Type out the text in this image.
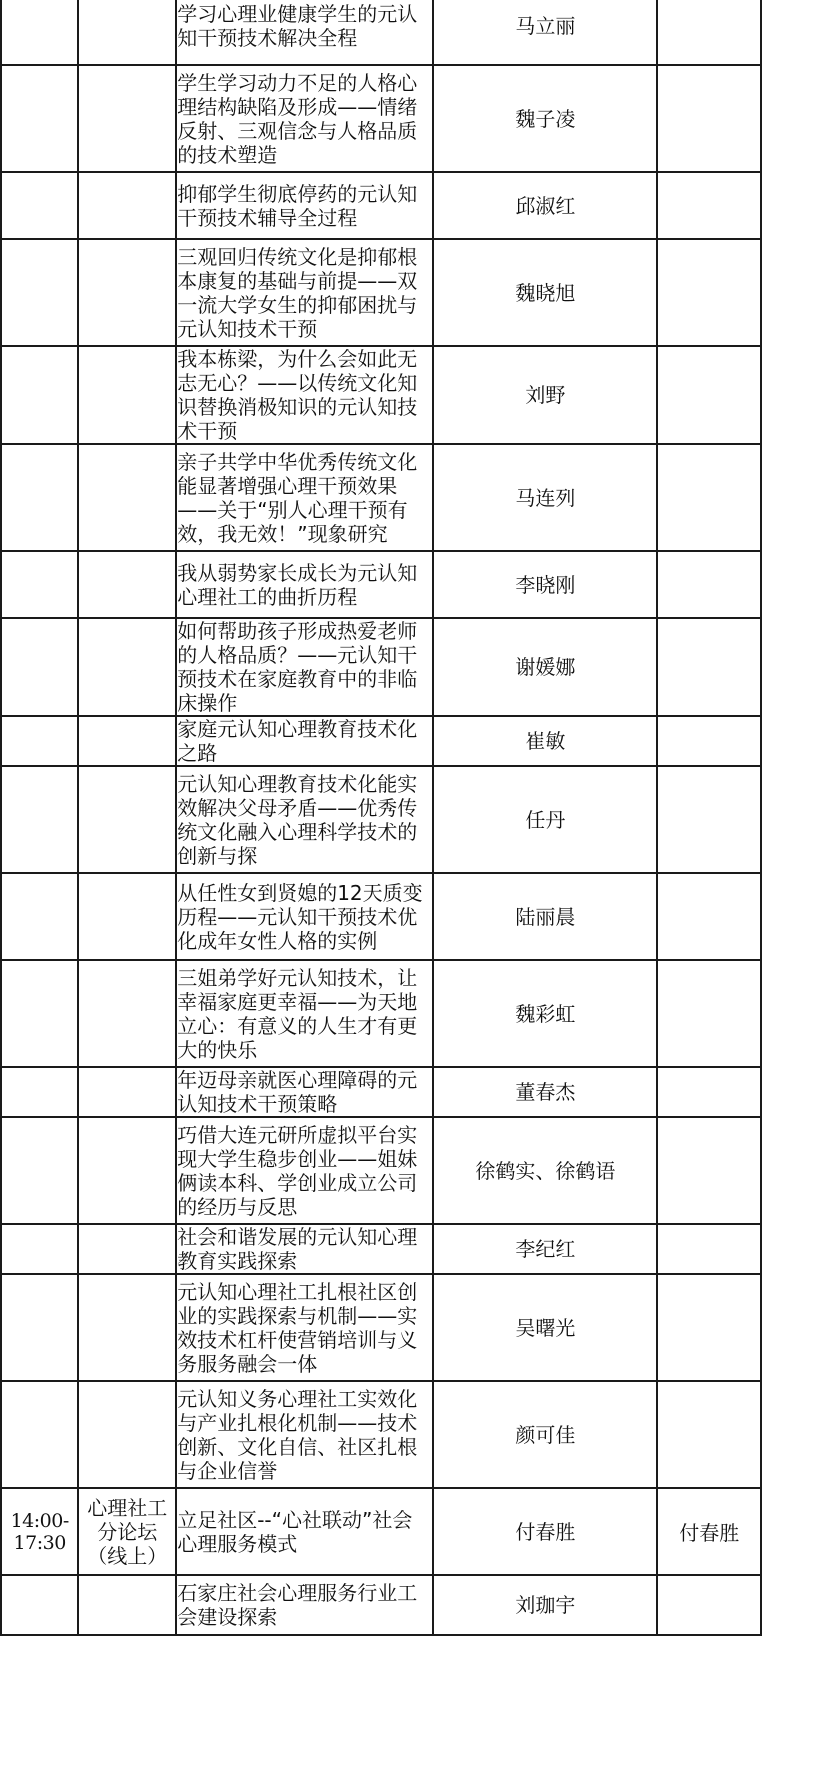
		学习心理业健康学生的元认知干预技术解决全程	马立丽	

		学生学习动力不足的人格心理结构缺陷及形成——情绪反射、三观信念与人格品质的技术塑造	魏子凌	

		抑郁学生彻底停药的元认知干预技术辅导全过程	邱淑红	

		三观回归传统文化是抑郁根本康复的基础与前提——双一流大学女生的抑郁困扰与元认知技术干预	魏晓旭	

		我本栋梁，为什么会如此无志无心？——以传统文化知识替换消极知识的元认知技术干预	刘野	

		亲子共学中华优秀传统文化能显著增强心理干预效果——关于“别人心理干预有效，我无效！”现象研究	马连列	

		我从弱势家长成长为元认知心理社工的曲折历程	李晓刚	

		如何帮助孩子形成热爱老师的人格品质？——元认知干预技术在家庭教育中的非临床操作	谢媛娜	

		家庭元认知心理教育技术化之路	崔敏	

		元认知心理教育技术化能实效解决父母矛盾——优秀传统文化融入心理科学技术的创新与探	任丹	

		从任性女到贤媳的12天质变历程——元认知干预技术优化成年女性人格的实例	陆丽晨	

		三姐弟学好元认知技术，让幸福家庭更幸福——为天地立心：有意义的人生才有更大的快乐	魏彩虹	

		年迈母亲就医心理障碍的元认知技术干预策略	董春杰	

		巧借大连元研所虚拟平台实现大学生稳步创业——姐妹俩读本科、学创业成立公司的经历与反思	徐鹤实、徐鹤语	

		社会和谐发展的元认知心理教育实践探索	李纪红	

		元认知心理社工扎根社区创业的实践探索与机制——实效技术杠杆使营销培训与义务服务融会一体	吴曙光	

		元认知义务心理社工实效化与产业扎根化机制——技术创新、文化自信、社区扎根与企业信誉	颜可佳	
14:00-17:30	心理社工分论坛（线上）	立足社区--“心社联动”社会心理服务模式	付春胜	付春胜

		石家庄社会心理服务行业工会建设探索	刘珈宇	
